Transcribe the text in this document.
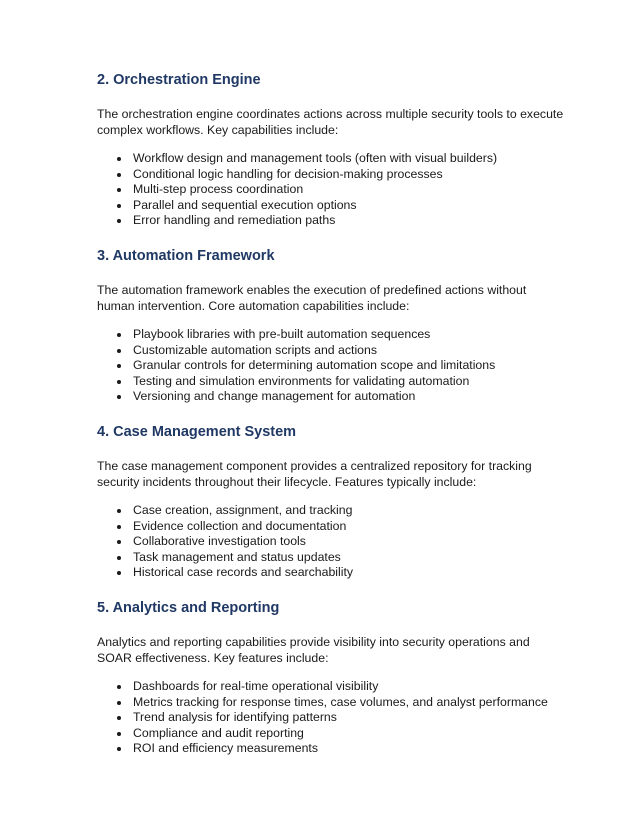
2. Orchestration Engine

The orchestration engine coordinates actions across multiple security tools to execute complex workflows. Key capabilities include:

Workflow design and management tools (often with visual builders)
Conditional logic handling for decision-making processes
Multi-step process coordination
Parallel and sequential execution options
Error handling and remediation paths
3. Automation Framework

The automation framework enables the execution of predefined actions without human intervention. Core automation capabilities include:

Playbook libraries with pre-built automation sequences
Customizable automation scripts and actions
Granular controls for determining automation scope and limitations
Testing and simulation environments for validating automation
Versioning and change management for automation
4. Case Management System

The case management component provides a centralized repository for tracking security incidents throughout their lifecycle. Features typically include:

Case creation, assignment, and tracking
Evidence collection and documentation
Collaborative investigation tools
Task management and status updates
Historical case records and searchability
5. Analytics and Reporting

Analytics and reporting capabilities provide visibility into security operations and SOAR effectiveness. Key features include:

Dashboards for real-time operational visibility
Metrics tracking for response times, case volumes, and analyst performance
Trend analysis for identifying patterns
Compliance and audit reporting
ROI and efficiency measurements
